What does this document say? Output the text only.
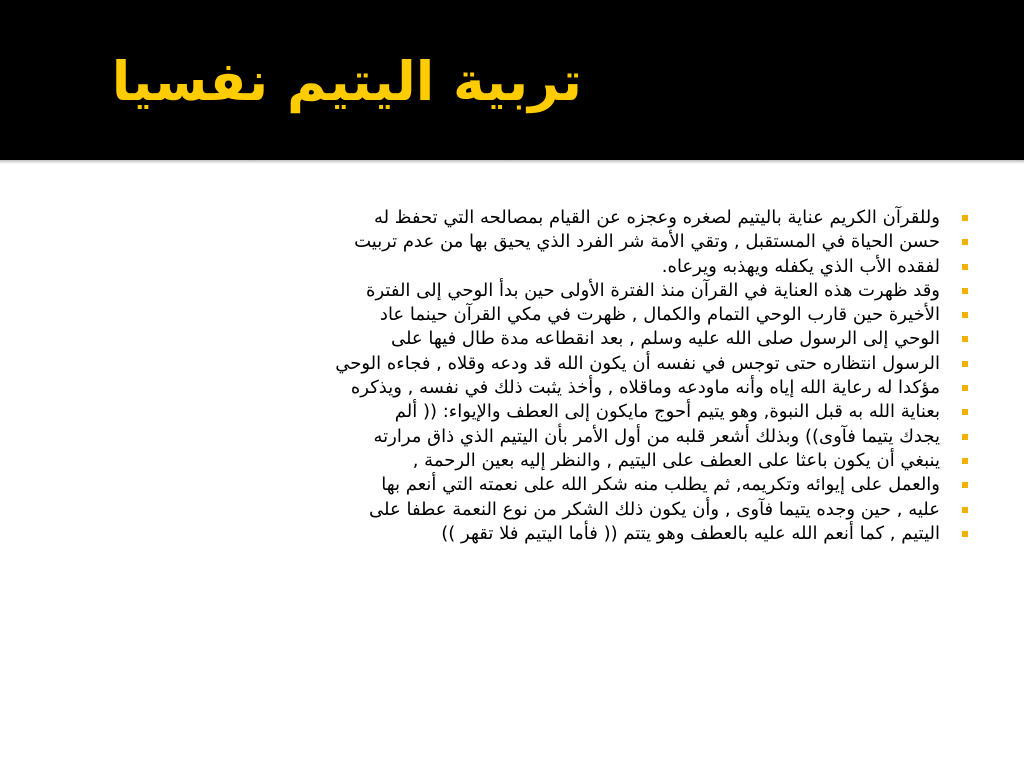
تربية اليتيم نفسيا
وللقرآن الكريم عناية باليتيم لصغره وعجزه عن القيام بمصالحه التي تحفظ له
حسن الحياة في المستقبل , وتقي الأمة شر الفرد الذي يحيق بها من عدم تربيت
لفقده الأب الذي يكفله ويهذبه ويرعاه.
وقد ظهرت هذه العناية في القرآن منذ الفترة الأولى حين بدأ الوحي إلى الفترة
الأخيرة حين قارب الوحي التمام والكمال , ظهرت في مكي القرآن حينما عاد
الوحي إلى الرسول صلى الله عليه وسلم , بعد انقطاعه مدة طال فيها على
الرسول انتظاره حتى توجس في نفسه أن يكون الله قد ودعه وقلاه , فجاءه الوحي
مؤكدا له رعاية الله إياه وأنه ماودعه وماقلاه , وأخذ يثبت ذلك في نفسه , ويذكره
بعناية الله به قبل النبوة, وهو يتيم أحوج مايكون إلى العطف والإيواء: (( ألم
يجدك يتيما فآوى)) وبذلك أشعر قلبه من أول الأمر بأن اليتيم الذي ذاق مرارته
ينبغي أن يكون باعثا على العطف على اليتيم , والنظر إليه بعين الرحمة ,
والعمل على إيوائه وتكريمه, ثم يطلب منه شكر الله على نعمته التي أنعم بها
عليه , حين وجده يتيما فآوى , وأن يكون ذلك الشكر من نوع النعمة عطفا على
اليتيم , كما أنعم الله عليه بالعطف وهو يتتم (( فأما اليتيم فلا تقهر ))
